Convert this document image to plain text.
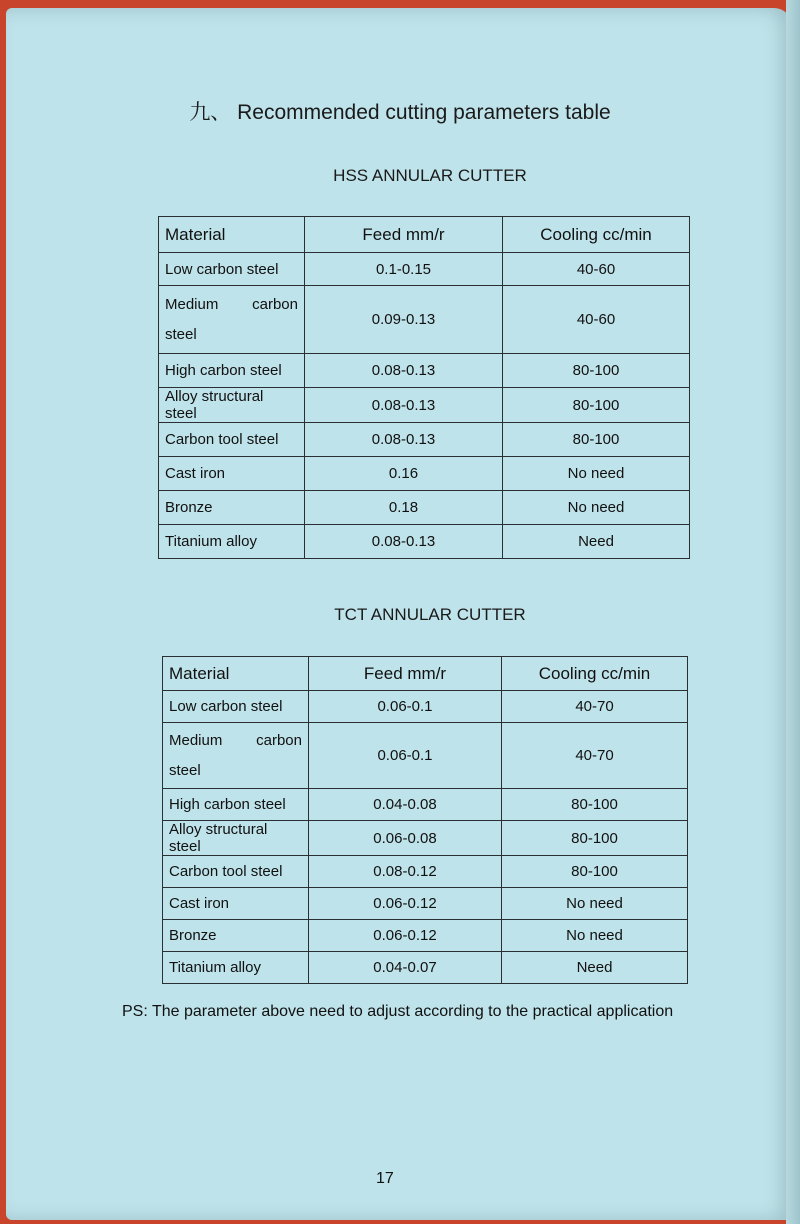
九、 Recommended cutting parameters table
HSS ANNULAR CUTTER
Material	Feed mm/r	Cooling cc/min
Low carbon steel	0.1-0.15	40-60

Medium carbon
steel	0.09-0.13	40-60
High carbon steel	0.08-0.13	80-100
Alloy structural steel	0.08-0.13	80-100
Carbon tool steel	0.08-0.13	80-100
Cast iron	0.16	No need
Bronze	0.18	No need
Titanium alloy	0.08-0.13	Need
TCT ANNULAR CUTTER
Material	Feed mm/r	Cooling cc/min
Low carbon steel	0.06-0.1	40-70

Medium carbon
steel	0.06-0.1	40-70
High carbon steel	0.04-0.08	80-100
Alloy structural steel	0.06-0.08	80-100
Carbon tool steel	0.08-0.12	80-100
Cast iron	0.06-0.12	No need
Bronze	0.06-0.12	No need
Titanium alloy	0.04-0.07	Need
PS: The parameter above need to adjust according to the practical application
17
